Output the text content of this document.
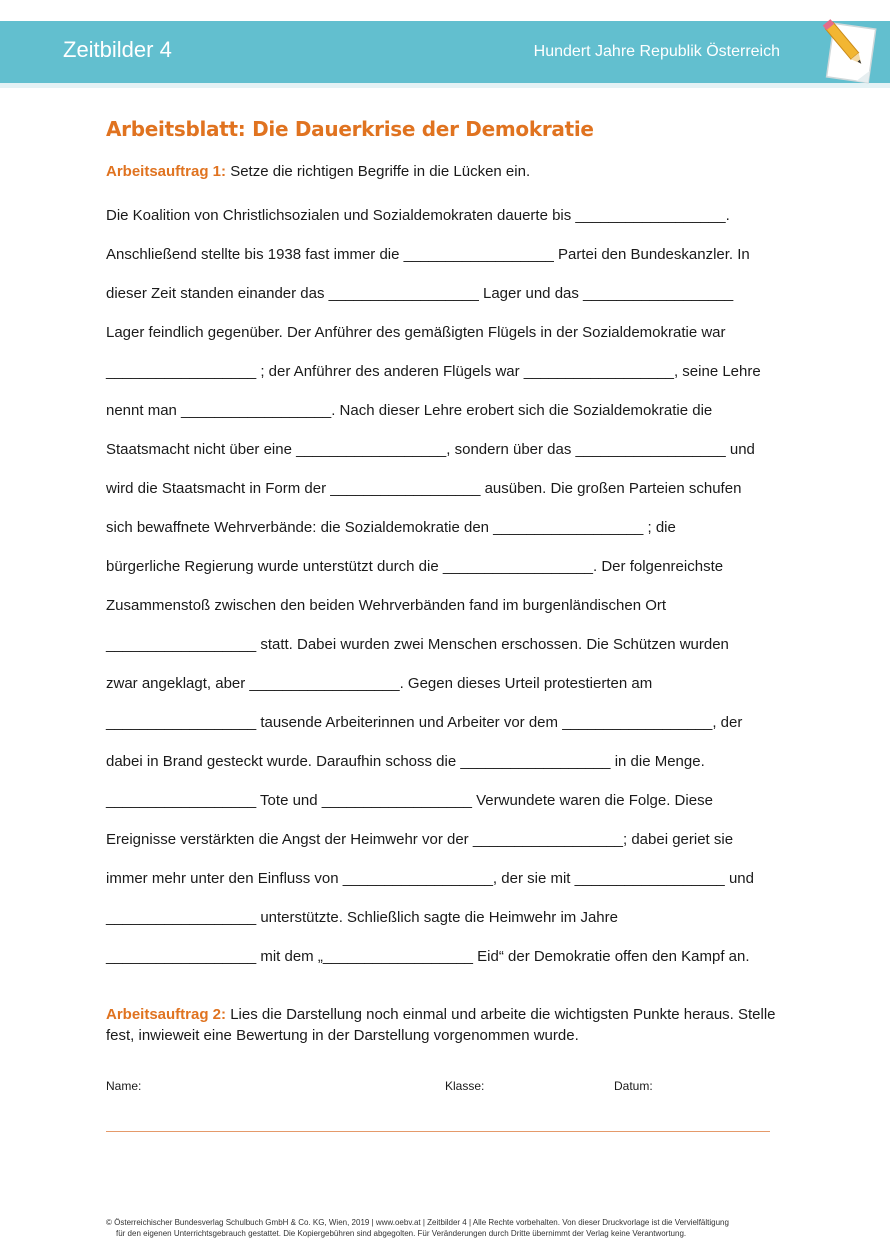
Zeitbilder 4	Hundert Jahre Republik Österreich
Arbeitsblatt: Die Dauerkrise der Demokratie
Arbeitsauftrag 1: Setze die richtigen Begriffe in die Lücken ein.
Die Koalition von Christlichsozialen und Sozialdemokraten dauerte bis __________________.
Anschließend stellte bis 1938 fast immer die __________________ Partei den Bundeskanzler. In
dieser Zeit standen einander das __________________ Lager und das __________________
Lager feindlich gegenüber. Der Anführer des gemäßigten Flügels in der Sozialdemokratie war
__________________ ; der Anführer des anderen Flügels war __________________, seine Lehre
nennt man __________________. Nach dieser Lehre erobert sich die Sozialdemokratie die
Staatsmacht nicht über eine __________________, sondern über das __________________ und
wird die Staatsmacht in Form der __________________ ausüben. Die großen Parteien schufen
sich bewaffnete Wehrverbände: die Sozialdemokratie den __________________ ; die
bürgerliche Regierung wurde unterstützt durch die __________________. Der folgenreichste
Zusammenstoß zwischen den beiden Wehrverbänden fand im burgenländischen Ort
__________________ statt. Dabei wurden zwei Menschen erschossen. Die Schützen wurden
zwar angeklagt, aber __________________. Gegen dieses Urteil protestierten am
__________________ tausende Arbeiterinnen und Arbeiter vor dem __________________, der
dabei in Brand gesteckt wurde. Daraufhin schoss die __________________ in die Menge.
__________________ Tote und __________________ Verwundete waren die Folge. Diese
Ereignisse verstärkten die Angst der Heimwehr vor der __________________; dabei geriet sie
immer mehr unter den Einfluss von __________________, der sie mit __________________ und
__________________ unterstützte. Schließlich sagte die Heimwehr im Jahre
__________________ mit dem „__________________ Eid“ der Demokratie offen den Kampf an.
Arbeitsauftrag 2: Lies die Darstellung noch einmal und arbeite die wichtigsten Punkte heraus. Stelle fest, inwieweit eine Bewertung in der Darstellung vorgenommen wurde.
Name:	Klasse:	Datum:
© Österreichischer Bundesverlag Schulbuch GmbH & Co. KG, Wien, 2019 | www.oebv.at | Zeitbilder 4 | Alle Rechte vorbehalten. Von dieser Druckvorlage ist die Vervielfältigung
für den eigenen Unterrichtsgebrauch gestattet. Die Kopiergebühren sind abgegolten. Für Veränderungen durch Dritte übernimmt der Verlag keine Verantwortung.
